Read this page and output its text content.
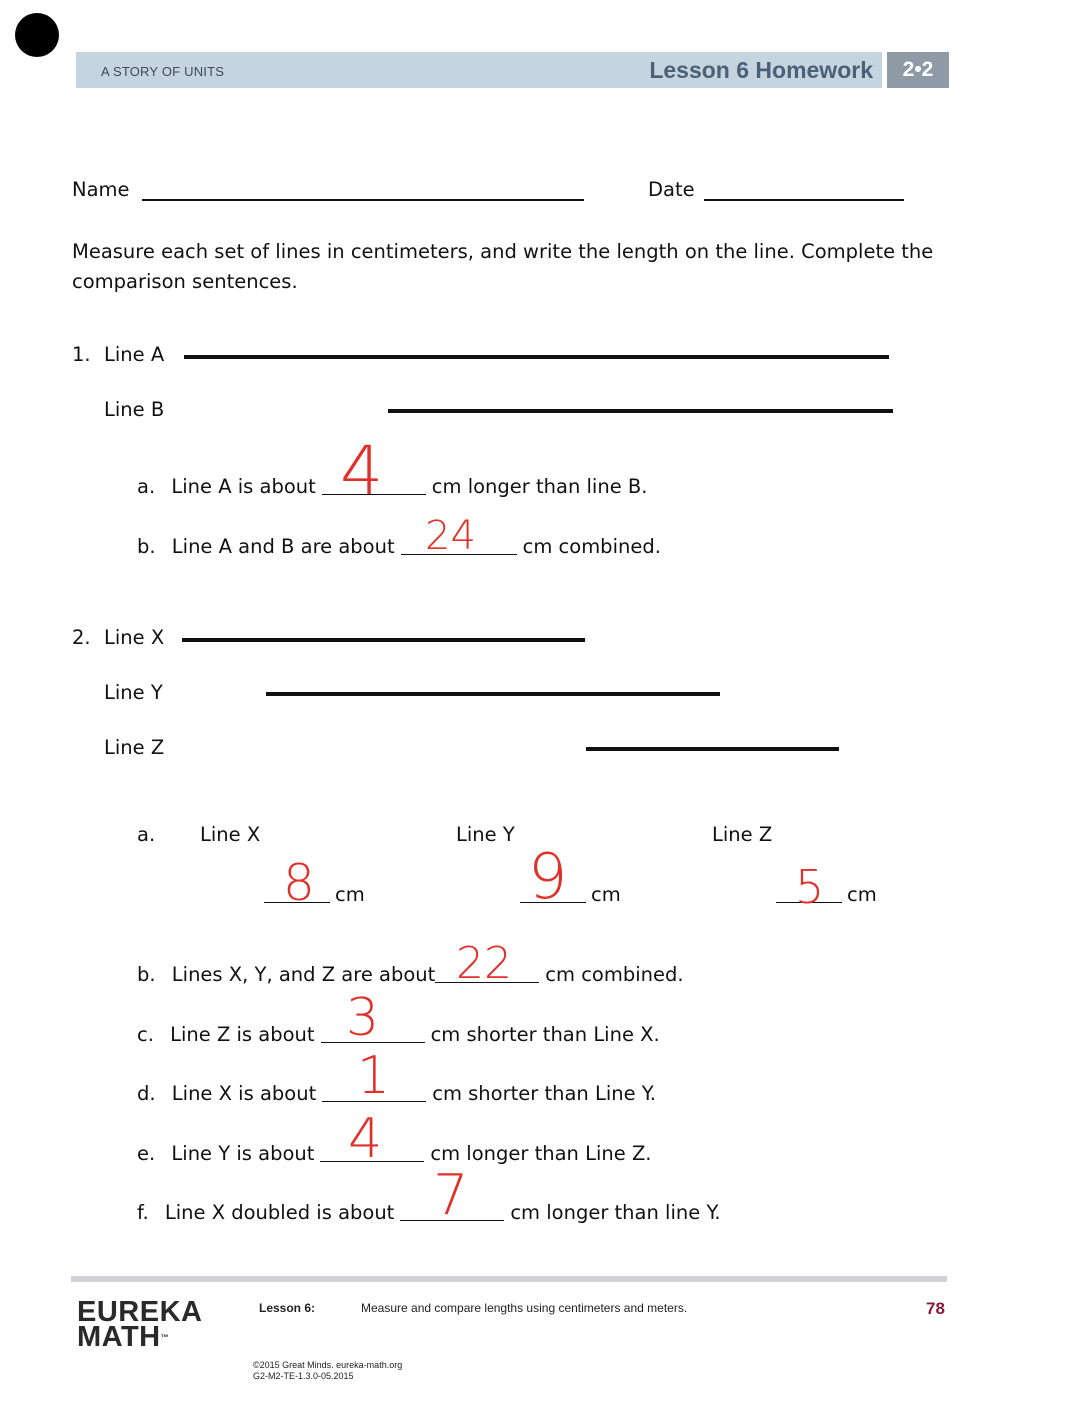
A STORY OF UNITS	Lesson 6 Homework	2•2
Name	Date
Measure each set of lines in centimeters, and write the length on the line. Complete the
comparison sentences.
1. Line A
Line B
a. Line A is about	cm longer than line B.
4
b. Line A and B are about	cm combined.
24
2. Line X
Line Y
Line Z
a. Line X	Line Y	Line Z
cm	cm	cm
8	9	5
b. Lines X, Y, and Z are about	cm combined.
22
c. Line Z is about	cm shorter than Line X.
3
d. Line X is about	cm shorter than Line Y.
1
e. Line Y is about	cm longer than Line Z.
4
f. Line X doubled is about	cm longer than line Y.
7
EUREKA
MATH™
Lesson 6:	Measure and compare lengths using centimeters and meters.	78
©2015 Great Minds. eureka-math.org
G2-M2-TE-1.3.0-05.2015
